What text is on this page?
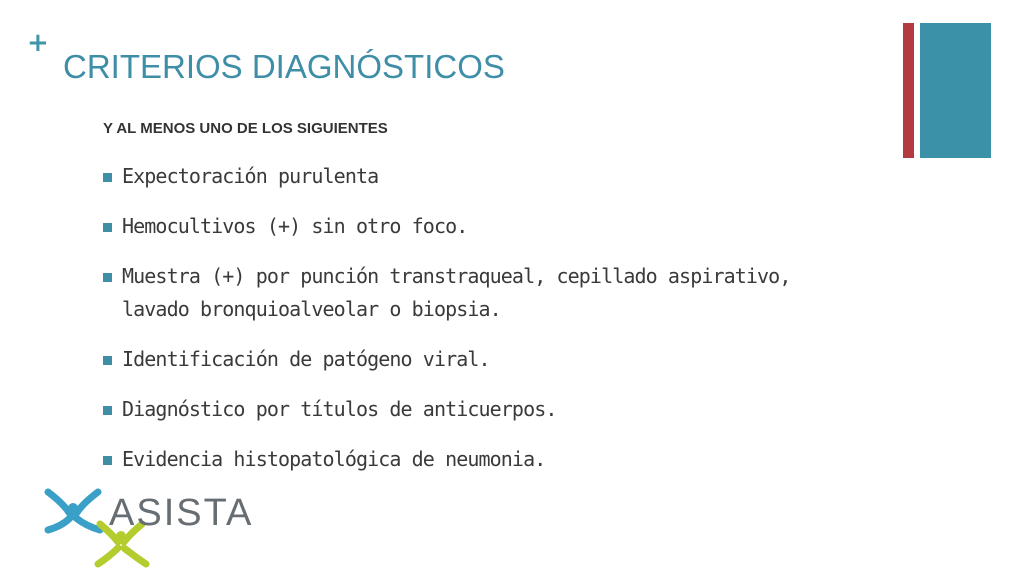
+
CRITERIOS DIAGNÓSTICOS
Y AL MENOS UNO DE LOS SIGUIENTES
Expectoración purulenta
Hemocultivos (+) sin otro foco.
Muestra (+) por punción transtraqueal, cepillado aspirativo, lavado bronquioalveolar o biopsia.
Identificación de patógeno viral.
Diagnóstico por títulos de anticuerpos.
Evidencia histopatológica de neumonia.
ASISTA
